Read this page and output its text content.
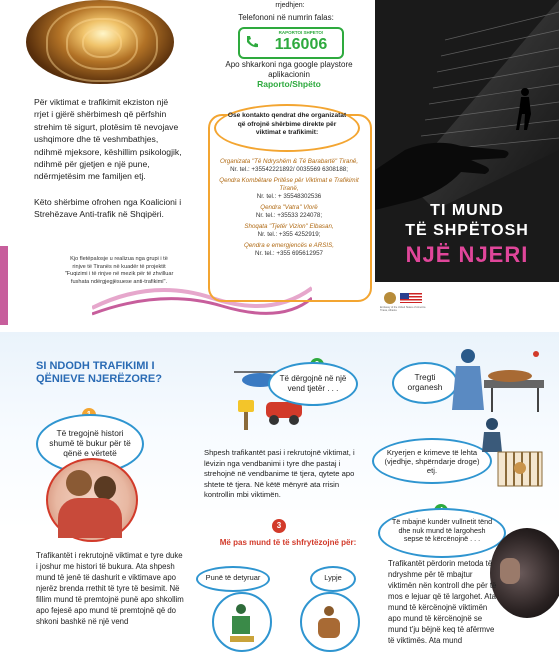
Për viktimat e trafikimit ekziston një rrjet i gjërë shërbimesh që përfshin strehim të sigurt, plotësim të nevojave ushqimore dhe të veshmbathjes, ndihmë mjeksore, këshillim psikologjik, ndihmë për gjetjen e një pune, ndërmjetësim me familjen etj.
Këto shërbime ofrohen nga Koalicioni i Strehëzave Anti-trafik në Shqipëri.
Kjo fletëpalosje u realizua nga grupi i të rinjve të Tiranës në kuadër të projektit "Fuqizimi i të rinjve në mezik për të zhvilluar fushata ndërgjegjësuese anti-trafikimi".
rrjedhjen:
Telefononi në numrin falas:
RAPORTOI SHPETO!
116006
Apo shkarkoni nga google playstore aplikacionin
Raporto/Shpëto
Ose kontakto qendrat dhe organizatat që ofrojnë shërbime direkte për viktimat e trafikimit:
Organizata "Të Ndryshëm & Të Barabartë" Tiranë,
Nr. tel.: +35542221892/ 0035569 6308188;
Qendra Kombëtare Pritëse për Viktimat e Trafikimit Tiranë,
Nr. tel.: + 35548302536
Qendra "Vatra" Vlorë
Nr. tel.: +35533 224078;
Shoqata "Tjetër Vizion" Elbasan,
Nr. tel.: +355 4252919;
Qendra e emergjencës e ARSIS,
Nr. tel.: +355 695612957
TI MUND
TË SHPËTOSH
NJË NJERI
Embassy of the United States of America Tirana, Albania
SI NDODH TRAFIKIMI I
QËNIEVE NJERËZORE?
Të tregojnë histori shumë të bukur për të qënë e vërtetë
Të dërgojnë në një vend tjetër . . .
Shpesh trafikantët pasi i rekrutojnë viktimat, i lëvizin nga vendbanimi i tyre dhe pastaj i strehojnë në vendbanime të tjera, qytete apo shtete të tjera. Në këtë mënyrë ata rrisin kontrollin mbi viktimën.
3
Më pas mund të të shfrytëzojnë për:
Punë të detyruar	Lypje
Tregti organesh
Kryerjen e krimeve të lehta (vjedhje, shpërndarje droge) etj.
Të mbajnë kundër vullnetit tënd dhe nuk mund të largohesh sepse të kërcënojnë . . .
Trafikantët i rekrutojnë viktimat e tyre duke i joshur me histori të bukura. Ata shpesh mund të jenë të dashurit e viktimave apo njerëz brenda rrethit të tyre të besimit. Në fillim mund të premtojnë punë apo shkollim apo fejesë apo mund të premtojnë që do shkoni bashkë në një vend
Trafikantët përdorin metoda të ndryshme për të mbajtur viktimën nën kontroll dhe për të mos e lejuar që të largohet. Ata mund të kërcënojnë viktimën apo mund të kërcënojnë se mund t'ju bëjnë keq të afërmve të viktimës. Ata mund
